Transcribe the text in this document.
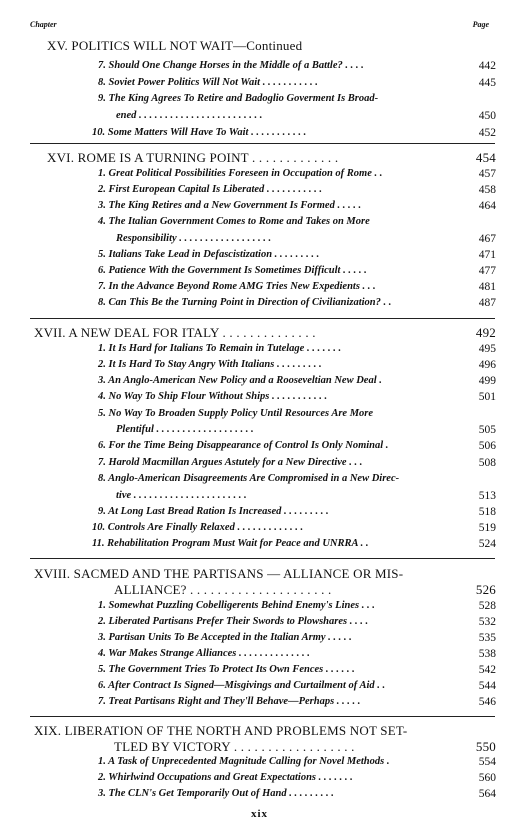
Chapter	Page
XV. POLITICS WILL NOT WAIT—Continued
7. Should One Change Horses in the Middle of a Battle? . . . .	442
8. Soviet Power Politics Will Not Wait . . . . . . . . . . .	445
9. The King Agrees To Retire and Badoglio Goverment Is Broad-
ened . . . . . . . . . . . . . . . . . . . . . . . .	450
10. Some Matters Will Have To Wait . . . . . . . . . . .	452
XVI. ROME IS A TURNING POINT . . . . . . . . . . . . .	454
1. Great Political Possibilities Foreseen in Occupation of Rome . .	457
2. First European Capital Is Liberated . . . . . . . . . . .	458
3. The King Retires and a New Government Is Formed . . . . .	464
4. The Italian Government Comes to Rome and Takes on More
Responsibility . . . . . . . . . . . . . . . . . .	467
5. Italians Take Lead in Defascistization . . . . . . . . .	471
6. Patience With the Government Is Sometimes Difficult . . . . .	477
7. In the Advance Beyond Rome AMG Tries New Expedients . . .	481
8. Can This Be the Turning Point in Direction of Civilianization? . .	487
XVII. A NEW DEAL FOR ITALY . . . . . . . . . . . . . .	492
1. It Is Hard for Italians To Remain in Tutelage . . . . . . .	495
2. It Is Hard To Stay Angry With Italians . . . . . . . . .	496
3. An Anglo-American New Policy and a Rooseveltian New Deal .	499
4. No Way To Ship Flour Without Ships . . . . . . . . . . .	501
5. No Way To Broaden Supply Policy Until Resources Are More
Plentiful . . . . . . . . . . . . . . . . . . .	505
6. For the Time Being Disappearance of Control Is Only Nominal .	506
7. Harold Macmillan Argues Astutely for a New Directive . . .	508
8. Anglo-American Disagreements Are Compromised in a New Direc-
tive . . . . . . . . . . . . . . . . . . . . . .	513
9. At Long Last Bread Ration Is Increased . . . . . . . . .	518
10. Controls Are Finally Relaxed . . . . . . . . . . . . .	519
11. Rehabilitation Program Must Wait for Peace and UNRRA . .	524
XVIII. SACMED AND THE PARTISANS — ALLIANCE OR MIS-
ALLIANCE? . . . . . . . . . . . . . . . . . . . . .	526
1. Somewhat Puzzling Cobelligerents Behind Enemy's Lines . . .	528
2. Liberated Partisans Prefer Their Swords to Plowshares . . . .	532
3. Partisan Units To Be Accepted in the Italian Army . . . . .	535
4. War Makes Strange Alliances . . . . . . . . . . . . . .	538
5. The Government Tries To Protect Its Own Fences . . . . . .	542
6. After Contract Is Signed—Misgivings and Curtailment of Aid . .	544
7. Treat Partisans Right and They'll Behave—Perhaps . . . . .	546
XIX. LIBERATION OF THE NORTH AND PROBLEMS NOT SET-
TLED BY VICTORY . . . . . . . . . . . . . . . . . .	550
1. A Task of Unprecedented Magnitude Calling for Novel Methods .	554
2. Whirlwind Occupations and Great Expectations . . . . . . .	560
3. The CLN's Get Temporarily Out of Hand . . . . . . . . .	564
xix
